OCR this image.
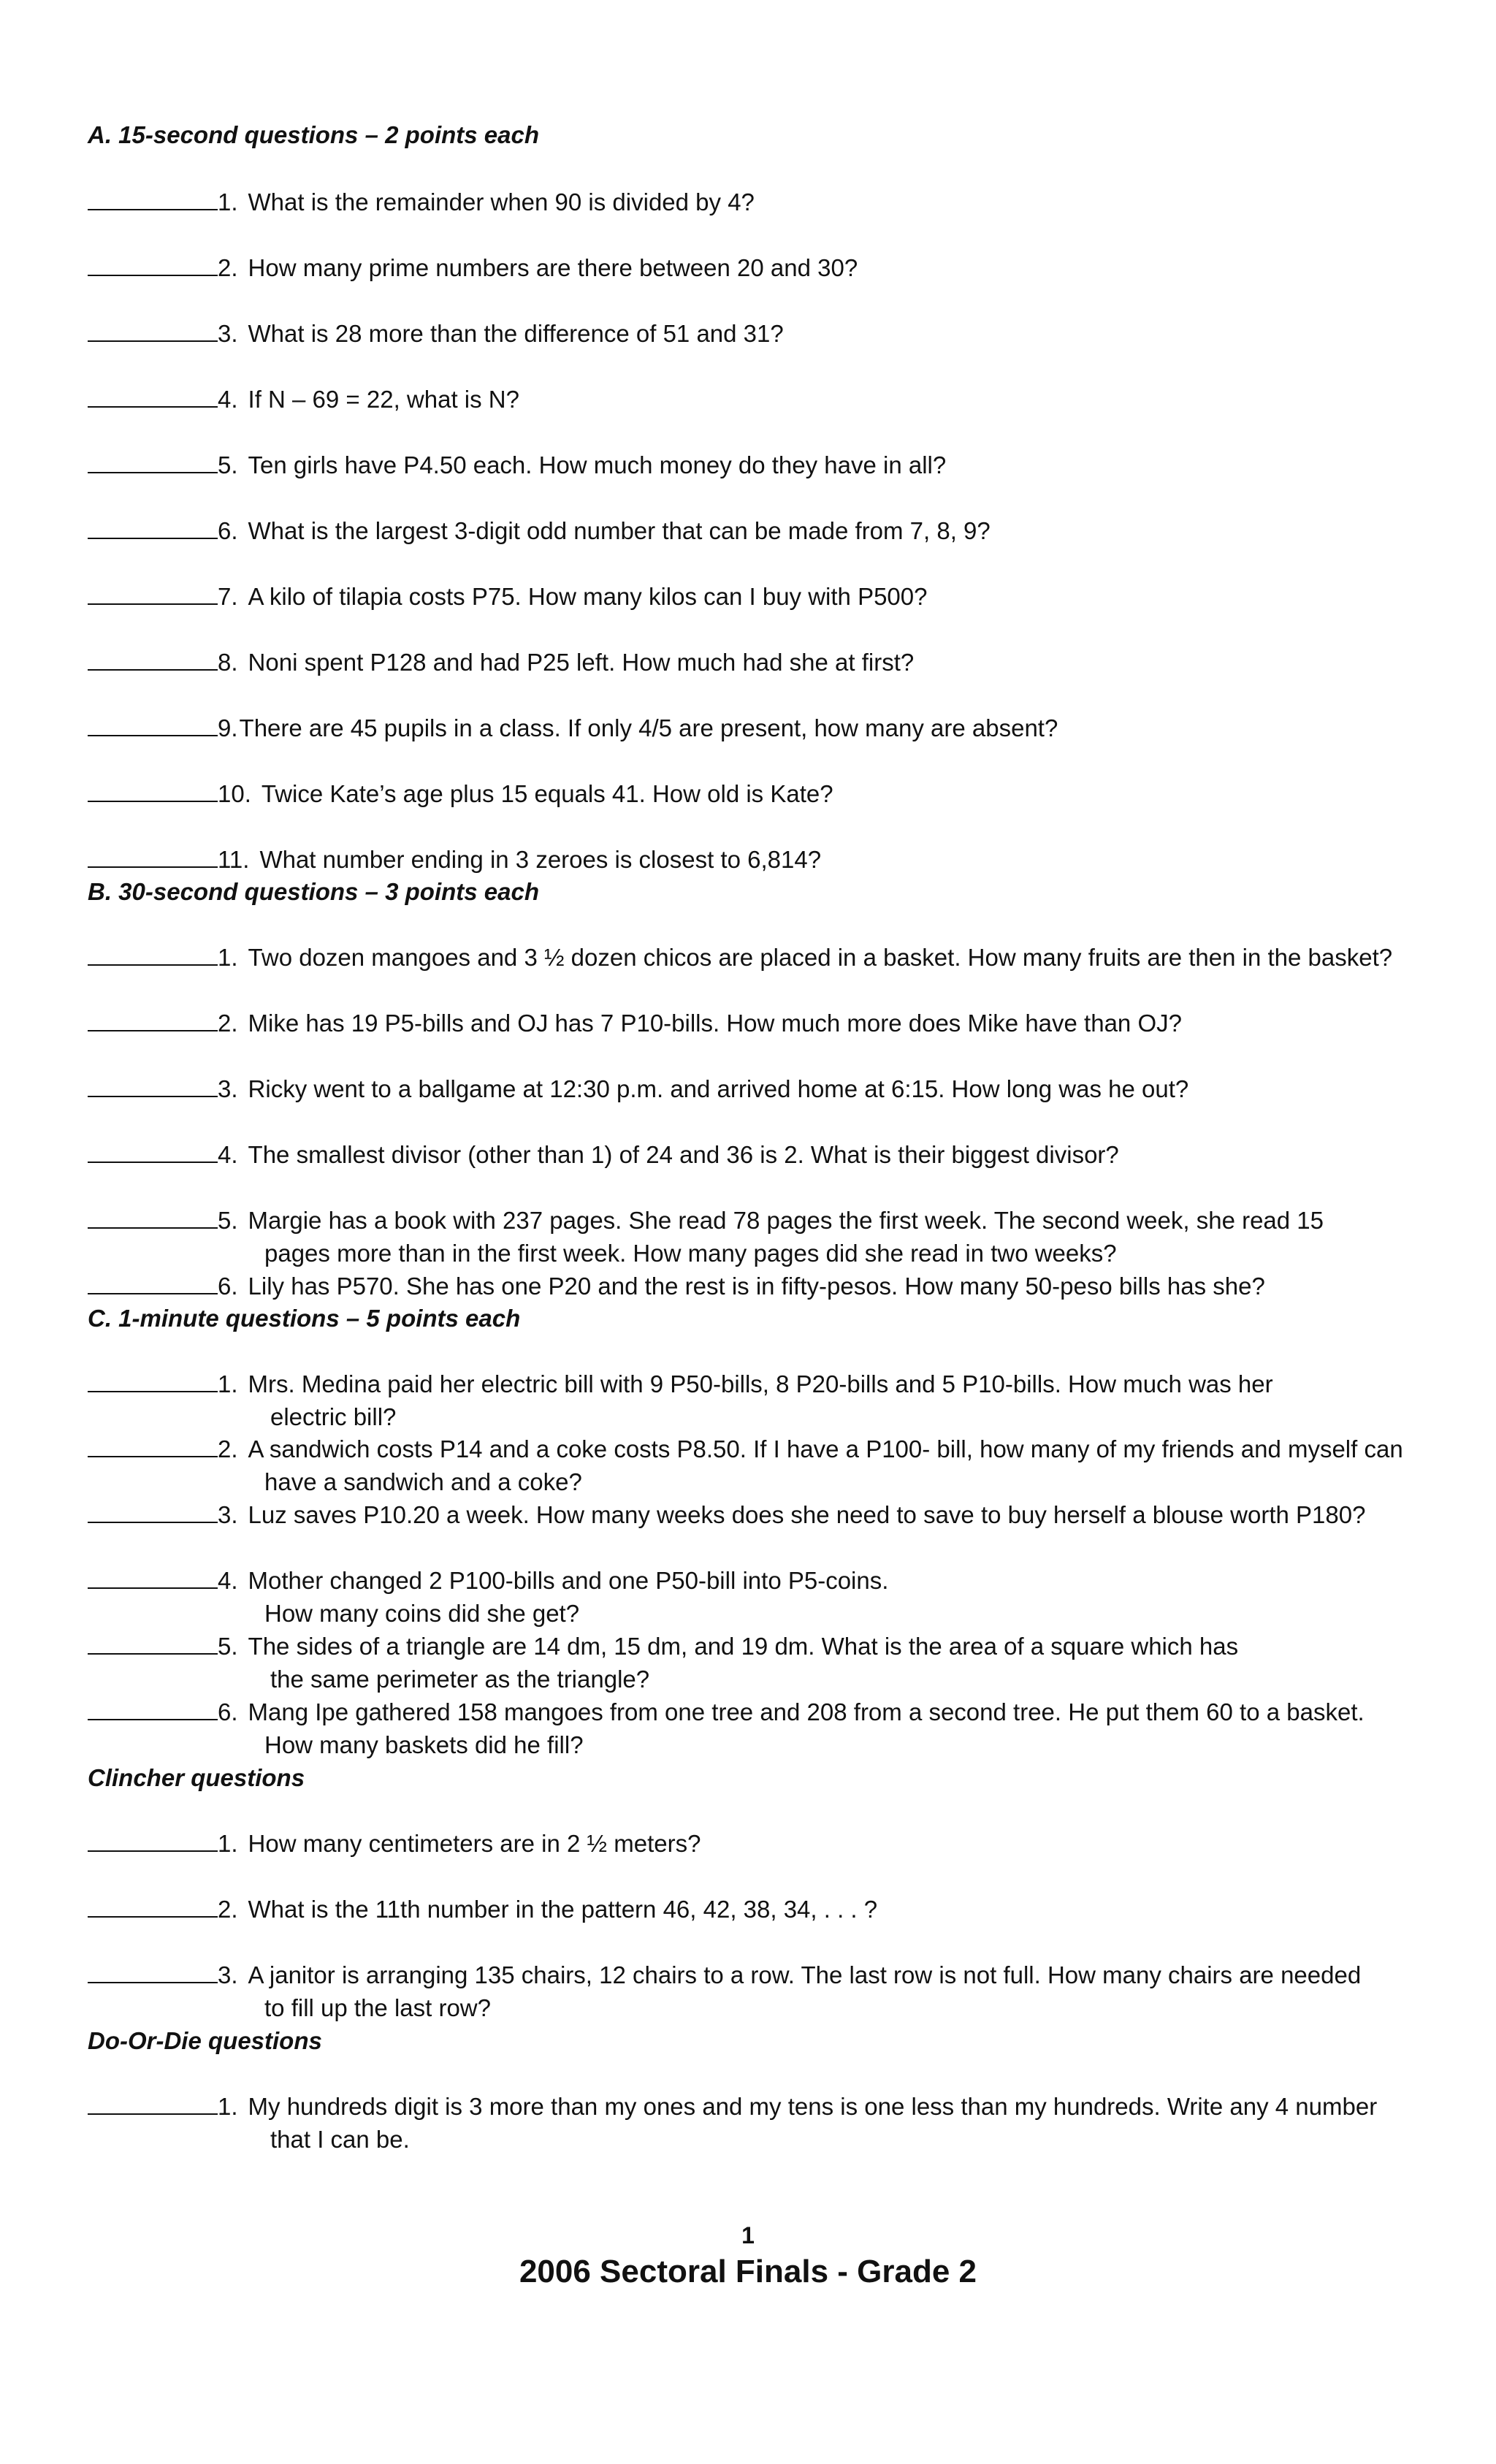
A. 15-second questions – 2 points each
1. What is the remainder when 90 is divided by 4?
2. How many prime numbers are there between 20 and 30?
3. What is 28 more than the difference of 51 and 31?
4. If N – 69 = 22, what is N?
5. Ten girls have P4.50 each. How much money do they have in all?
6. What is the largest 3-digit odd number that can be made from 7, 8, 9?
7. A kilo of tilapia costs P75. How many kilos can I buy with P500?
8. Noni spent P128 and had P25 left. How much had she at first?
9.There are 45 pupils in a class. If only 4/5 are present, how many are absent?
10. Twice Kate’s age plus 15 equals 41. How old is Kate?
11. What number ending in 3 zeroes is closest to 6,814?
B. 30-second questions – 3 points each
1. Two dozen mangoes and 3 ½ dozen chicos are placed in a basket. How many fruits are then in the basket?
2. Mike has 19 P5-bills and OJ has 7 P10-bills. How much more does Mike have than OJ?
3. Ricky went to a ballgame at 12:30 p.m. and arrived home at 6:15. How long was he out?
4. The smallest divisor (other than 1) of 24 and 36 is 2. What is their biggest divisor?
5. Margie has a book with 237 pages. She read 78 pages the first week. The second week, she read 15
pages more than in the first week. How many pages did she read in two weeks?
6. Lily has P570. She has one P20 and the rest is in fifty-pesos. How many 50-peso bills has she?
C. 1-minute questions – 5 points each
1. Mrs. Medina paid her electric bill with 9 P50-bills, 8 P20-bills and 5 P10-bills. How much was her
electric bill?
2. A sandwich costs P14 and a coke costs P8.50. If I have a P100- bill, how many of my friends and myself can
have a sandwich and a coke?
3. Luz saves P10.20 a week. How many weeks does she need to save to buy herself a blouse worth P180?
4. Mother changed 2 P100-bills and one P50-bill into P5-coins.
How many coins did she get?
5. The sides of a triangle are 14 dm, 15 dm, and 19 dm. What is the area of a square which has
the same perimeter as the triangle?
6. Mang Ipe gathered 158 mangoes from one tree and 208 from a second tree. He put them 60 to a basket.
How many baskets did he fill?
Clincher questions
1. How many centimeters are in 2 ½ meters?
2. What is the 11th number in the pattern 46, 42, 38, 34, . . . ?
3. A janitor is arranging 135 chairs, 12 chairs to a row. The last row is not full. How many chairs are needed
to fill up the last row?
Do-Or-Die questions
1. My hundreds digit is 3 more than my ones and my tens is one less than my hundreds. Write any 4 number
that I can be.
1
2006 Sectoral Finals - Grade 2
